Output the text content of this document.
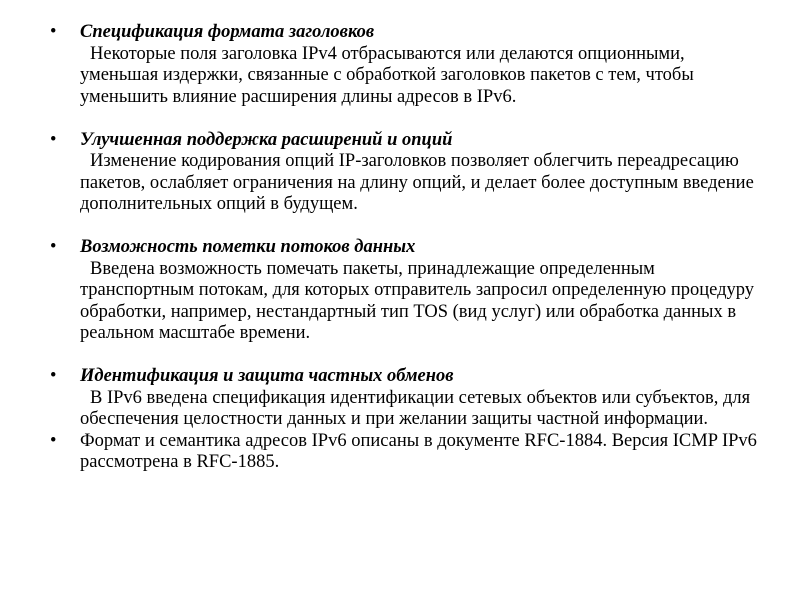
•	Спецификация формата заголовков
Некоторые поля заголовка IPv4 отбрасываются или делаются опционными, уменьшая издержки, связанные с обработкой заголовков пакетов с тем, чтобы уменьшить влияние расширения длины адресов в IPv6.
•	Улучшенная поддержка расширений и опций
Изменение кодирования опций IP-заголовков позволяет облегчить переадресацию пакетов, ослабляет ограничения на длину опций, и делает более доступным введение дополнительных опций в будущем.
•	Возможность пометки потоков данных
Введена возможность помечать пакеты, принадлежащие определенным транспортным потокам, для которых отправитель запросил определенную процедуру обработки, например, нестандартный тип TOS (вид услуг) или обработка данных в реальном масштабе времени.
•	Идентификация и защита частных обменов
В IPv6 введена спецификация идентификации сетевых объектов или субъектов, для обеспечения целостности данных и при желании защиты частной информации.
•	Формат и семантика адресов IPv6 описаны в документе RFC-1884. Версия ICMP IPv6 рассмотрена в RFC-1885.
